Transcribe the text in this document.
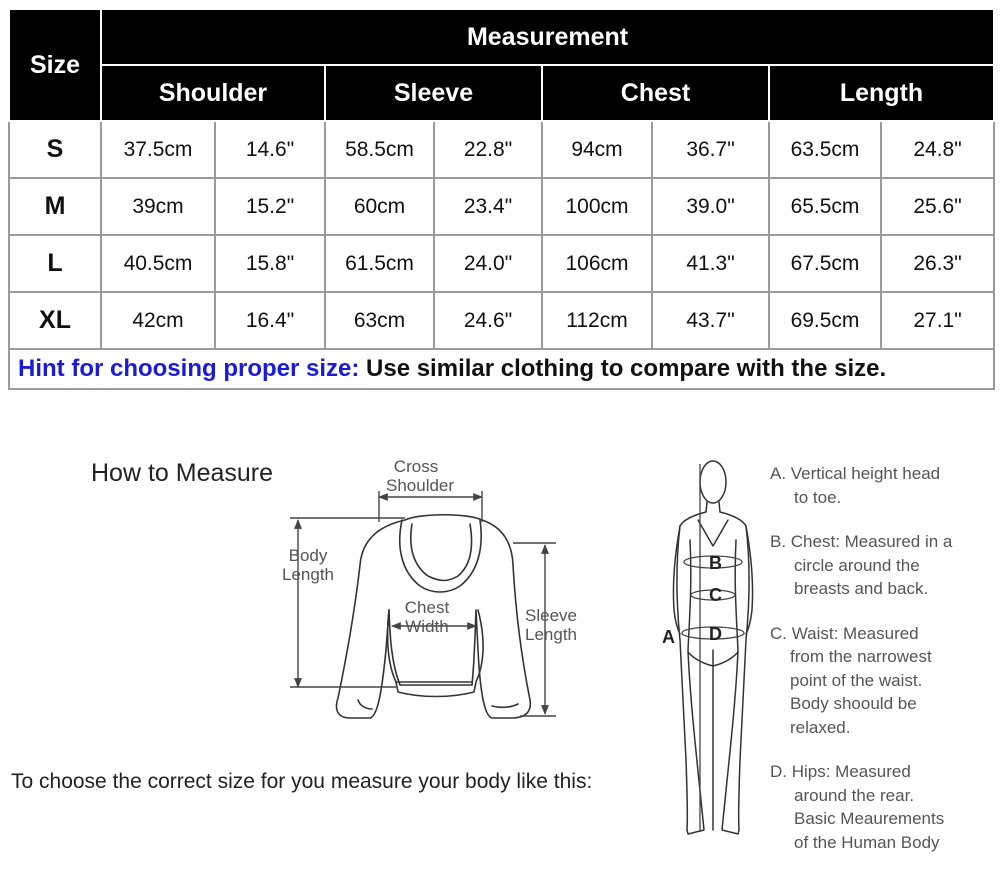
Size	Measurement							
	Shoulder		Sleeve		Chest		Length	
S	37.5cm	14.6"	58.5cm	22.8"	94cm	36.7"	63.5cm	24.8"
M	39cm	15.2"	60cm	23.4"	100cm	39.0"	65.5cm	25.6"
L	40.5cm	15.8"	61.5cm	24.0"	106cm	41.3"	67.5cm	26.3"
XL	42cm	16.4"	63cm	24.6"	112cm	43.7"	69.5cm	27.1"
Hint for choosing proper size: Use similar clothing to compare with the size.								
How to Measure
A
B
C
D
Cross
Shoulder
Body
Length
Chest
Width
Sleeve
Length
To choose the correct size for you measure your body like this:
A. Vertical height head
to toe.
B. Chest: Measured in a
circle around the
breasts and back.
C. Waist: Measured
from the narrowest
point of the waist.
Body shoould be
relaxed.
D. Hips: Measured
around the rear.
Basic Meaurements
of the Human Body
